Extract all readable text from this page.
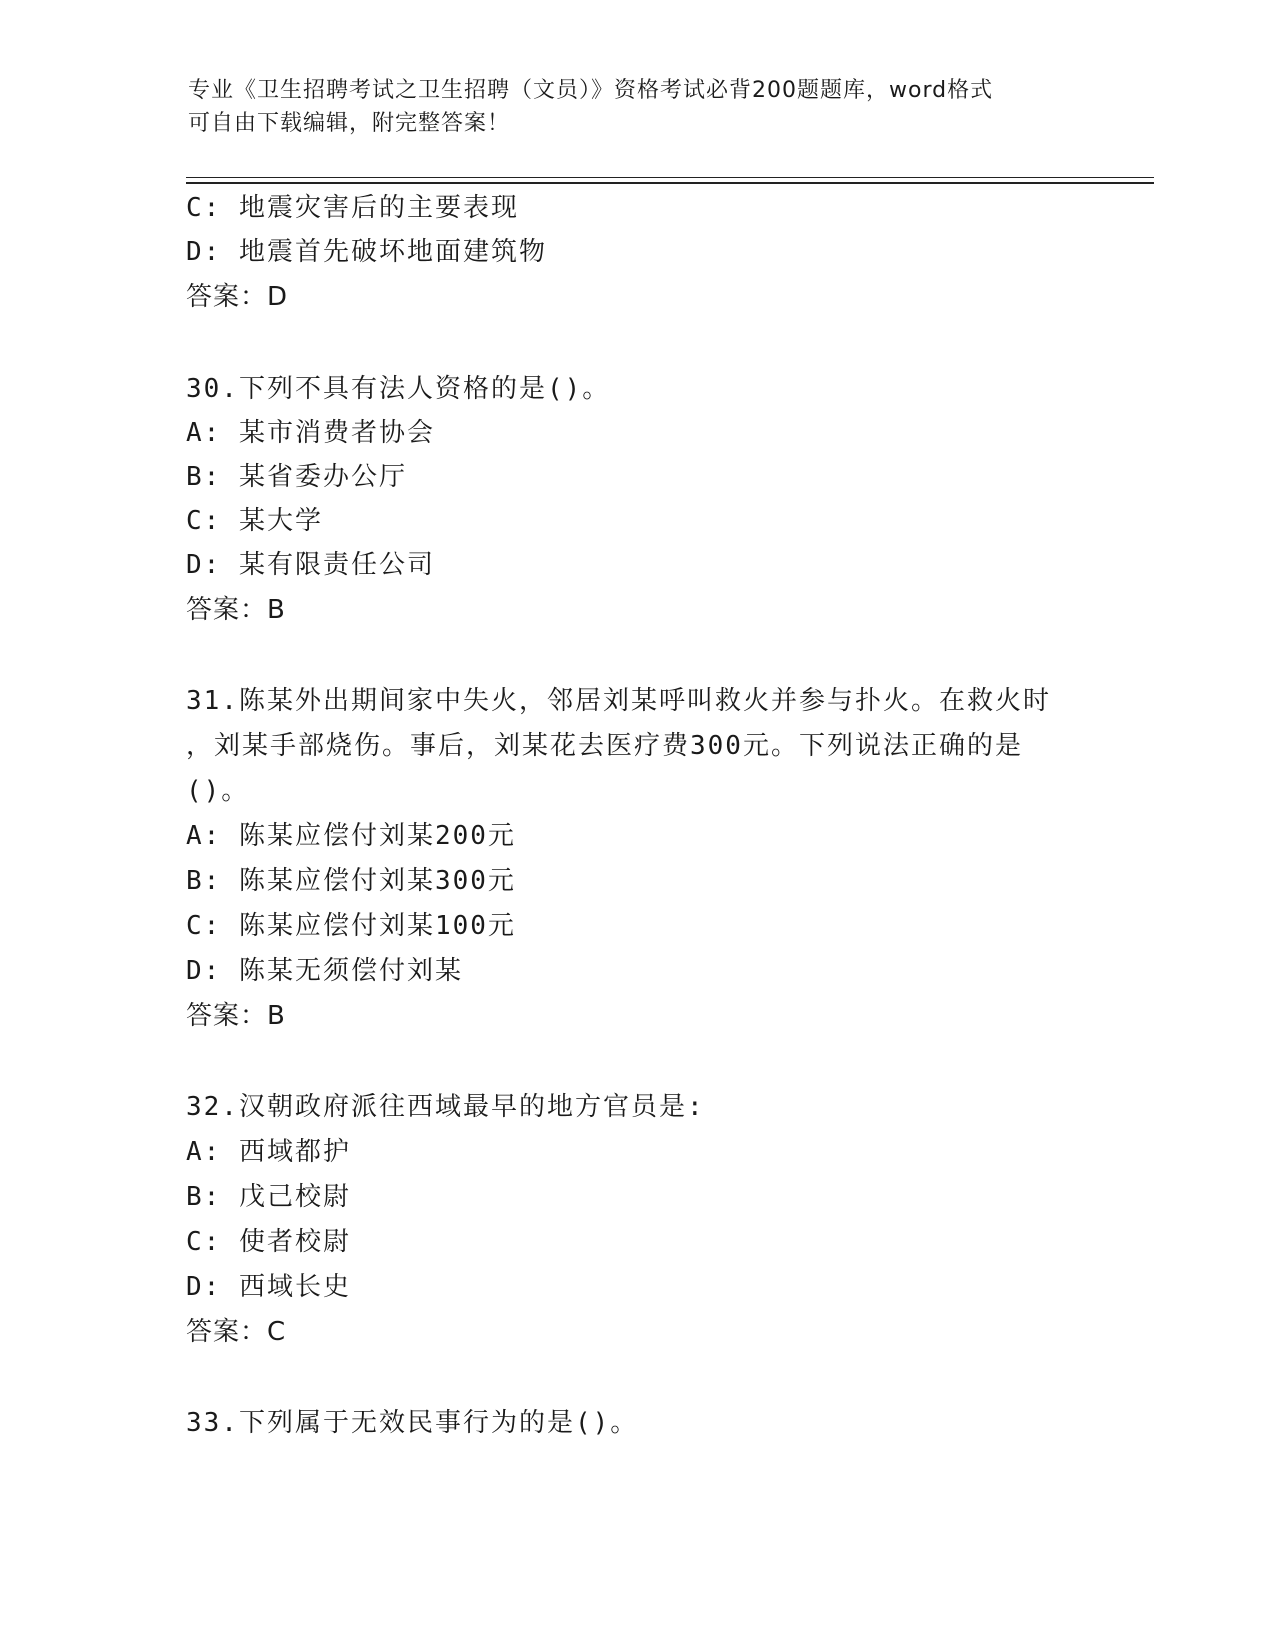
专业《卫生招聘考试之卫生招聘（文员）》资格考试必背200题题库，word格式
可自由下载编辑，附完整答案！
C: 地震灾害后的主要表现
D: 地震首先破坏地面建筑物
答案：D
30.下列不具有法人资格的是()。
A: 某市消费者协会
B: 某省委办公厅
C: 某大学
D: 某有限责任公司
答案：B
31.陈某外出期间家中失火，邻居刘某呼叫救火并参与扑火。在救火时
，刘某手部烧伤。事后，刘某花去医疗费300元。下列说法正确的是
()。
A: 陈某应偿付刘某200元
B: 陈某应偿付刘某300元
C: 陈某应偿付刘某100元
D: 陈某无须偿付刘某
答案：B
32.汉朝政府派往西域最早的地方官员是:
A: 西域都护
B: 戊己校尉
C: 使者校尉
D: 西域长史
答案：C
33.下列属于无效民事行为的是()。
